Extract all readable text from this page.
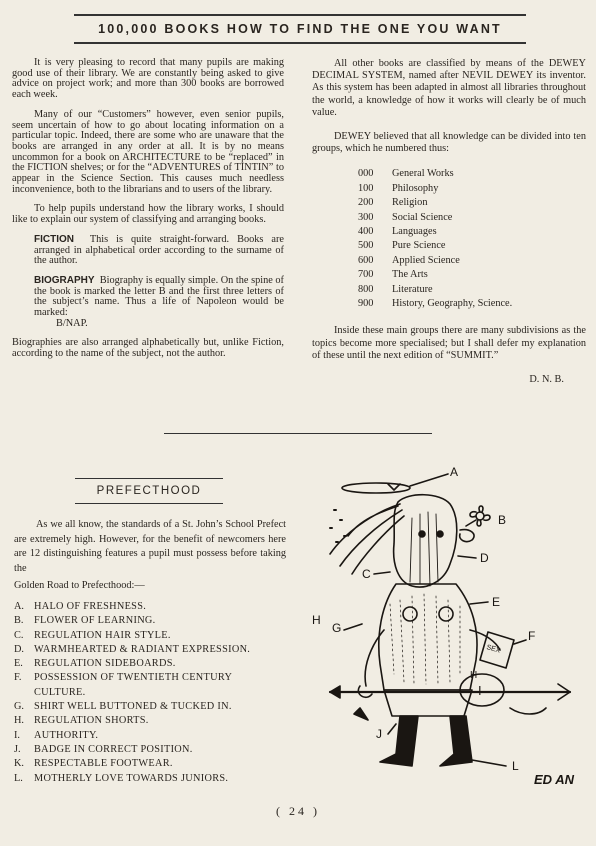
100,000 BOOKS HOW TO FIND THE ONE YOU WANT

It is very pleasing to record that many pupils are making good use of their library. We are constantly being asked to give advice on project work; and more than 300 books are borrowed each week.

Many of our “Customers” however, even senior pupils, seem uncertain of how to go about locating information on a particular topic. Indeed, there are some who are unaware that the books are arranged in any order at all. It is by no means uncommon for a book on ARCHITECTURE to be “replaced” in the FICTION shelves; or for the “ADVENTURES of TINTIN” to appear in the Science Section. This causes much needless inconvenience, both to the librarians and to users of the library.

To help pupils understand how the library works, I should like to explain our system of classifying and arranging books.

FICTION This is quite straight-forward. Books are arranged in alphabetical order according to the surname of the author.
BIOGRAPHY Biography is equally simple. On the spine of the book is marked the letter B and the first three letters of the subject’s name. Thus a life of Napoleon would be marked:
B/NAP.

Biographies are also arranged alphabetically but, unlike Fiction, according to the name of the subject, not the author.

All other books are classified by means of the DEWEY DECIMAL SYSTEM, named after NEVIL DEWEY its inventor. As this system has been adapted in almost all libraries throughout the world, a knowledge of how it works will clearly be of much value.

DEWEY believed that all knowledge can be divided into ten groups, which he numbered thus:

000	General Works
100	Philosophy
200	Religion
300	Social Science
400	Languages
500	Pure Science
600	Applied Science
700	The Arts
800	Literature
900	History, Geography, Science.

Inside these main groups there are many subdivisions as the topics become more specialised; but I shall defer my explanation of these until the next edition of “SUMMIT.”

D. N. B.
PREFECTHOOD

As we all know, the standards of a St. John’s School Prefect are extremely high. However, for the benefit of newcomers here are 12 distinguishing features a pupil must possess before taking the

Golden Road to Prefecthood:—
A. HALO OF FRESHNESS.
B.	FLOWER OF LEARNING.
C.	REGULATION HAIR STYLE.
D. WARMHEARTED & RADIANT EXPRESSION.
E.	REGULATION SIDEBOARDS.
F.	POSSESSION OF TWENTIETH CENTURY CULTURE.
G. SHIRT WELL BUTTONED & TUCKED IN.
H. REGULATION SHORTS.
I.	AUTHORITY.
J.	BADGE IN CORRECT POSITION.
K. RESPECTABLE FOOTWEAR.
L.	MOTHERLY LOVE TOWARDS JUNIORS.
A
B
C
D
E
SEX
F
G
H
H
I
J
K	L
ED AN
( 24 )
